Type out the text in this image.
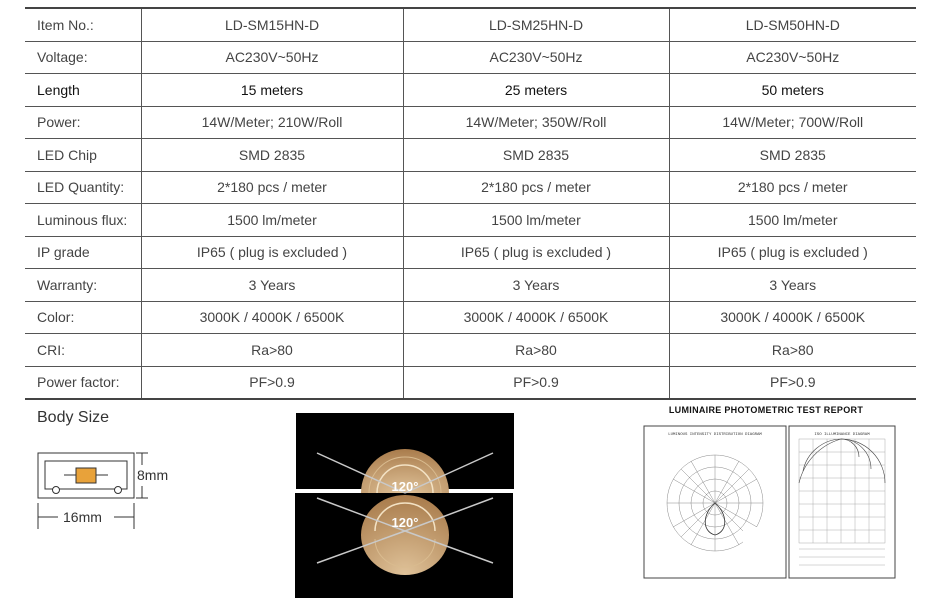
Item No.:	LD-SM15HN-D	LD-SM25HN-D	LD-SM50HN-D
Voltage:	AC230V~50Hz	AC230V~50Hz	AC230V~50Hz
Length	15 meters	25 meters	50 meters
Power:	14W/Meter; 210W/Roll	14W/Meter; 350W/Roll	14W/Meter; 700W/Roll
LED Chip	SMD 2835	SMD 2835	SMD 2835
LED Quantity:	2*180 pcs / meter	2*180 pcs / meter	2*180 pcs / meter
Luminous flux:	1500 lm/meter	1500 lm/meter	1500 lm/meter
IP grade	IP65 ( plug is excluded )	IP65 ( plug is excluded )	IP65 ( plug is excluded )
Warranty:	3 Years	3 Years	3 Years
Color:	3000K / 4000K / 6500K	3000K / 4000K / 6500K	3000K / 4000K / 6500K
CRI:	Ra>80	Ra>80	Ra>80
Power factor:	PF>0.9	PF>0.9	PF>0.9
Body Size
8mm
16mm
120°
120°
LUMINAIRE PHOTOMETRIC TEST REPORT
LUMINOUS INTENSITY DISTRIBUTION DIAGRAM	ISO ILLUMINANCE DIAGRAM
